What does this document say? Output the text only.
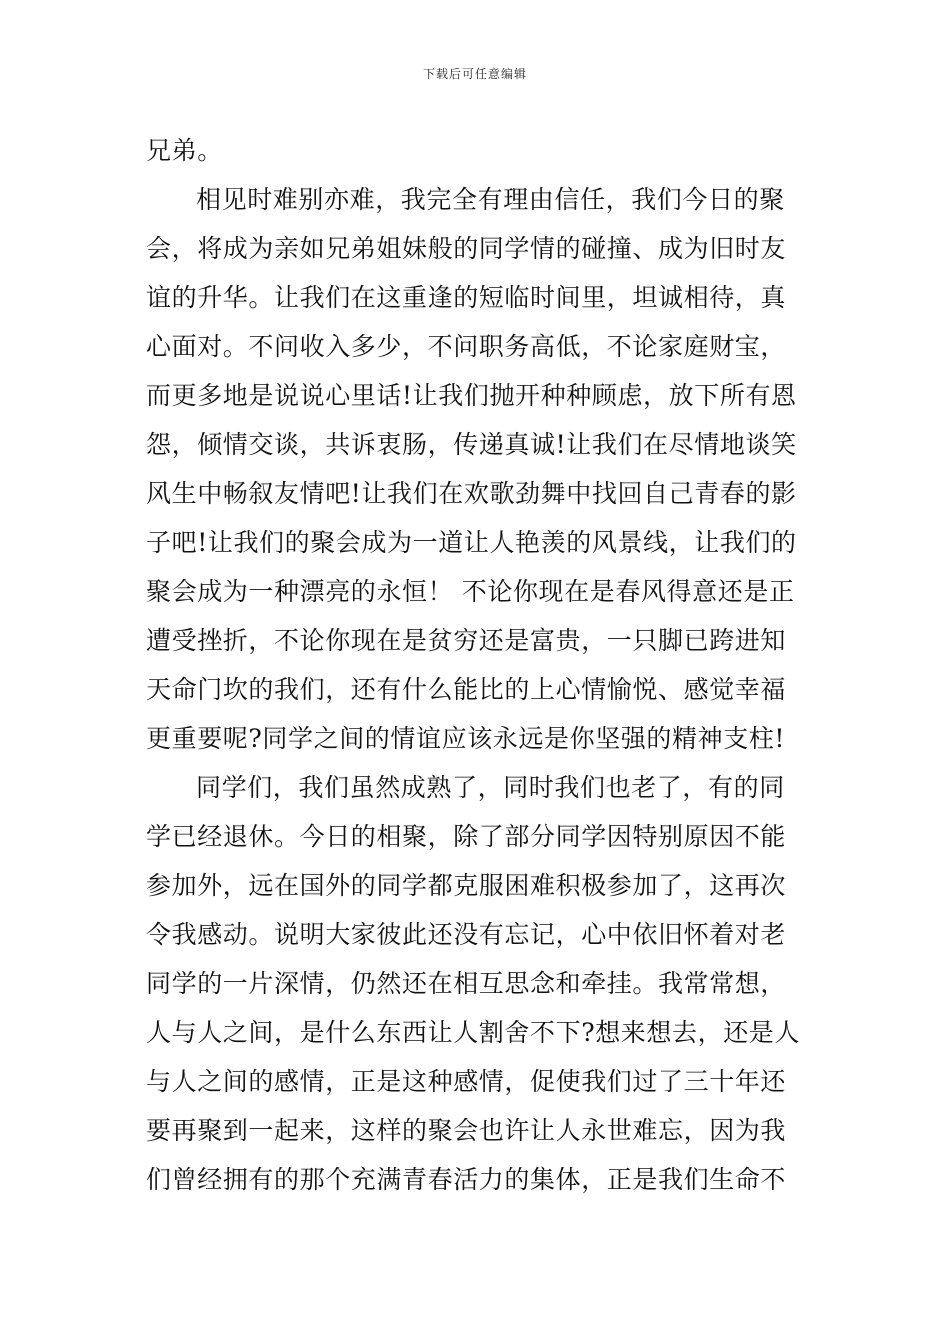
下载后可任意编辑
兄弟。
相见时难别亦难，我完全有理由信任，我们今日的聚
会，将成为亲如兄弟姐妹般的同学情的碰撞、成为旧时友
谊的升华。让我们在这重逢的短临时间里，坦诚相待，真
心面对。不问收入多少，不问职务高低，不论家庭财宝，
而更多地是说说心里话!让我们抛开种种顾虑，放下所有恩
怨，倾情交谈，共诉衷肠，传递真诚!让我们在尽情地谈笑
风生中畅叙友情吧!让我们在欢歌劲舞中找回自己青春的影
子吧!让我们的聚会成为一道让人艳羡的风景线，让我们的
聚会成为一种漂亮的永恒！ 不论你现在是春风得意还是正
遭受挫折，不论你现在是贫穷还是富贵，一只脚已跨进知
天命门坎的我们，还有什么能比的上心情愉悦、感觉幸福
更重要呢?同学之间的情谊应该永远是你坚强的精神支柱!
同学们，我们虽然成熟了，同时我们也老了，有的同
学已经退休。今日的相聚，除了部分同学因特别原因不能
参加外，远在国外的同学都克服困难积极参加了，这再次
令我感动。说明大家彼此还没有忘记，心中依旧怀着对老
同学的一片深情，仍然还在相互思念和牵挂。我常常想，
人与人之间，是什么东西让人割舍不下?想来想去，还是人
与人之间的感情，正是这种感情，促使我们过了三十年还
要再聚到一起来，这样的聚会也许让人永世难忘，因为我
们曾经拥有的那个充满青春活力的集体，正是我们生命不
